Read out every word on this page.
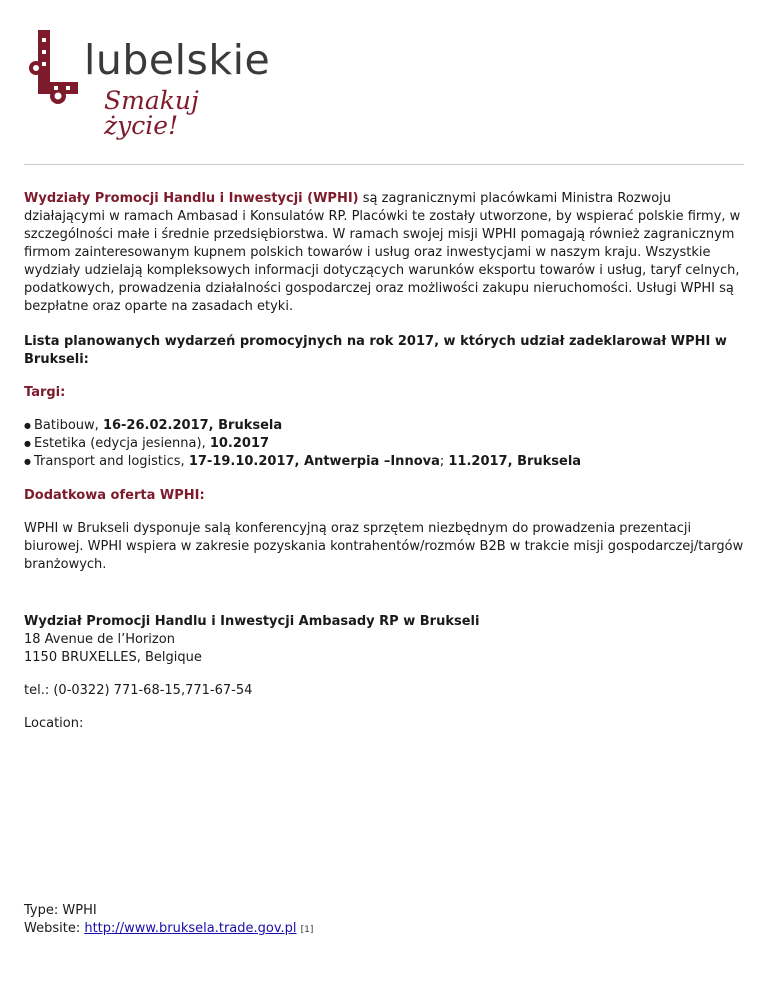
lubelskie
Smakuj życie!

Wydziały Promocji Handlu i Inwestycji (WPHI) są zagranicznymi placówkami Ministra Rozwoju działającymi w ramach Ambasad i Konsulatów RP. Placówki te zostały utworzone, by wspierać polskie firmy, w szczególności małe i średnie przedsiębiorstwa. W ramach swojej misji WPHI pomagają również zagranicznym firmom zainteresowanym kupnem polskich towarów i usług oraz inwestycjami w naszym kraju. Wszystkie wydziały udzielają kompleksowych informacji dotyczących warunków eksportu towarów i usług, taryf celnych, podatkowych, prowadzenia działalności gospodarczej oraz możliwości zakupu nieruchomości. Usługi WPHI są bezpłatne oraz oparte na zasadach etyki.

Lista planowanych wydarzeń promocyjnych na rok 2017, w których udział zadeklarował WPHI w Brukseli:

Targi:

● Batibouw, 16-26.02.2017, Bruksela
● Estetika (edycja jesienna), 10.2017
● Transport and logistics, 17-19.10.2017, Antwerpia –Innova; 11.2017, Bruksela

Dodatkowa oferta WPHI:

WPHI w Brukseli dysponuje salą konferencyjną oraz sprzętem niezbędnym do prowadzenia prezentacji biurowej. WPHI wspiera w zakresie pozyskania kontrahentów/rozmów B2B w trakcie misji gospodarczej/targów branżowych.

Wydział Promocji Handlu i Inwestycji Ambasady RP w Brukseli

18 Avenue de l’Horizon

1150 BRUXELLES, Belgique

tel.: (0-0322) 771-68-15,771-67-54

Location:

Type: WPHI

Website: http://www.bruksela.trade.gov.pl [1]
